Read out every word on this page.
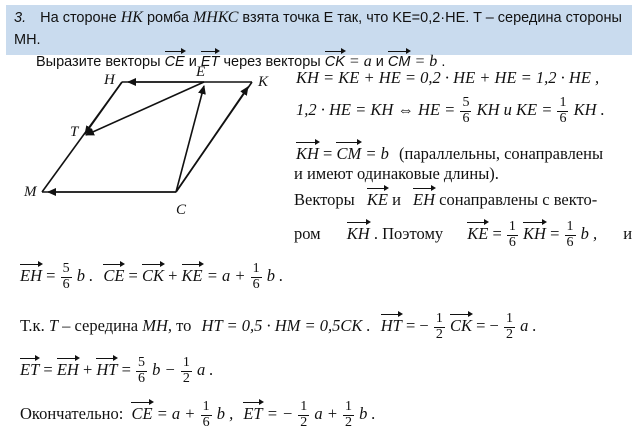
3. На стороне НК ромба МНКС взята точка Е так, что KE=0,2·HE. T – середина стороны МН.
Выразите векторы CE и ET через векторы CK = a и CM = b .
H	E
K
T
M
C
KH = KE + HE = 0,2 · HE + HE = 1,2 · HE ,
1,2 · HE = KH ⇔ HE = $\frac{5}{6}$ KH и KE = $\frac{1}{6}$ KH .
KH = CM = b (параллельны, сонаправлены
и имеют одинаковые длины).
Векторы KE и EH сонаправлены с векто-
ром KH . Поэтому KE = $\frac{1}{6}$ KH = $\frac{1}{6}$ b , и
EH = $\frac{5}{6}$ b . CE = CK + KE = $a + \frac{1}{6}$ b .
Т.к. T – середина MH, то HT = 0,5 · HM = 0,5CK . HT = − $\frac{1}{2}$ CK = − $\frac{1}{2}$ a .
ET = EH + HT = $\frac{5}{6}$ $b - \frac{1}{2}$ a .
Окончательно: CE = $a + \frac{1}{6}$ b , ET = − $\frac{1}{2}$ $a + \frac{1}{2}$ b .
